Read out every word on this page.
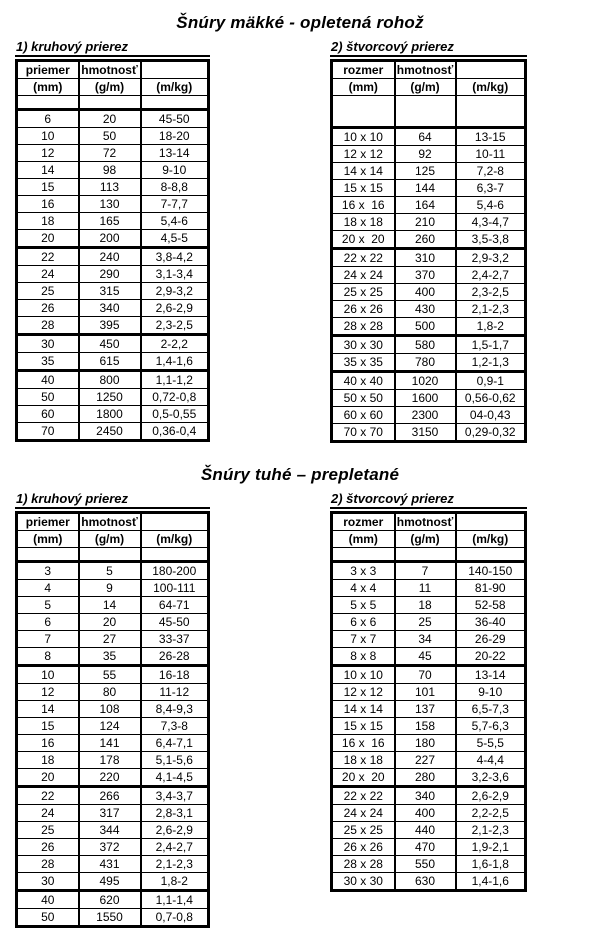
Šnúry mäkké - opletená rohož
1) kruhový prierez
priemer	hmotnosť	
(mm)	(g/m)	(m/kg)

6	20	45-50
10	50	18-20
12	72	13-14
14	98	9-10
15	113	8-8,8
16	130	7-7,7
18	165	5,4-6
20	200	4,5-5
22	240	3,8-4,2
24	290	3,1-3,4
25	315	2,9-3,2
26	340	2,6-2,9
28	395	2,3-2,5
30	450	2-2,2
35	615	1,4-1,6
40	800	1,1-1,2
50	1250	0,72-0,8
60	1800	0,5-0,55
70	2450	0,36-0,4
2) štvorcový prierez
rozmer	hmotnosť	
(mm)	(g/m)	(m/kg)

10 x 10	64	13-15
12 x 12	92	10-11
14 x 14	125	7,2-8
15 x 15	144	6,3-7
16 x  16	164	5,4-6
18 x 18	210	4,3-4,7
20 x  20	260	3,5-3,8
22 x 22	310	2,9-3,2
24 x 24	370	2,4-2,7
25 x 25	400	2,3-2,5
26 x 26	430	2,1-2,3
28 x 28	500	1,8-2
30 x 30	580	1,5-1,7
35 x 35	780	1,2-1,3
40 x 40	1020	0,9-1
50 x 50	1600	0,56-0,62
60 x 60	2300	04-0,43
70 x 70	3150	0,29-0,32
Šnúry tuhé – prepletané
1) kruhový prierez
priemer	hmotnosť	
(mm)	(g/m)	(m/kg)

3	5	180-200
4	9	100-111
5	14	64-71
6	20	45-50
7	27	33-37
8	35	26-28
10	55	16-18
12	80	11-12
14	108	8,4-9,3
15	124	7,3-8
16	141	6,4-7,1
18	178	5,1-5,6
20	220	4,1-4,5
22	266	3,4-3,7
24	317	2,8-3,1
25	344	2,6-2,9
26	372	2,4-2,7
28	431	2,1-2,3
30	495	1,8-2
40	620	1,1-1,4
50	1550	0,7-0,8
2) štvorcový prierez
rozmer	hmotnosť	
(mm)	(g/m)	(m/kg)

3 x 3	7	140-150
4 x 4	11	81-90
5 x 5	18	52-58
6 x 6	25	36-40
7 x 7	34	26-29
8 x 8	45	20-22
10 x 10	70	13-14
12 x 12	101	9-10
14 x 14	137	6,5-7,3
15 x 15	158	5,7-6,3
16 x  16	180	5-5,5
18 x 18	227	4-4,4
20 x  20	280	3,2-3,6
22 x 22	340	2,6-2,9
24 x 24	400	2,2-2,5
25 x 25	440	2,1-2,3
26 x 26	470	1,9-2,1
28 x 28	550	1,6-1,8
30 x 30	630	1,4-1,6
